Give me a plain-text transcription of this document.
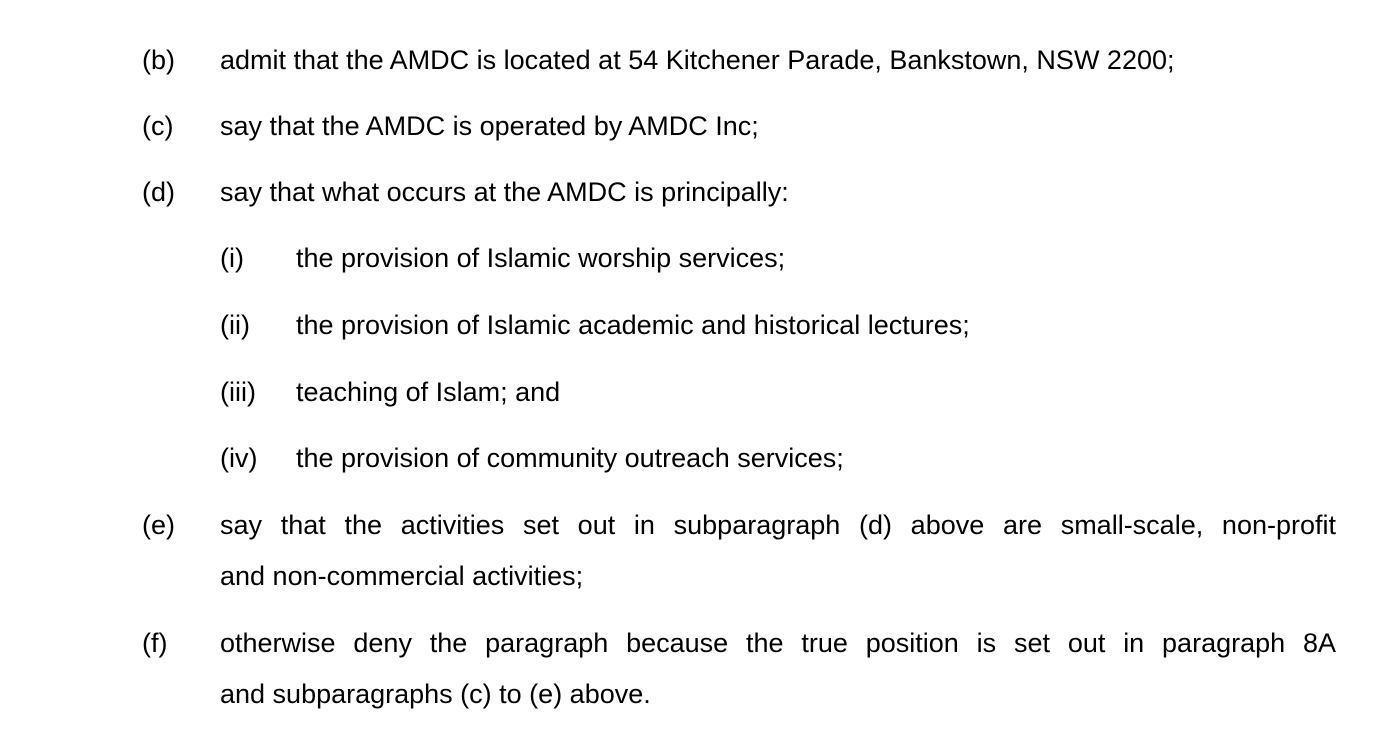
(b) admit that the AMDC is located at 54 Kitchener Parade, Bankstown, NSW 2200;
(c) say that the AMDC is operated by AMDC Inc;
(d) say that what occurs at the AMDC is principally:
(i) the provision of Islamic worship services;
(ii) the provision of Islamic academic and historical lectures;
(iii) teaching of Islam; and
(iv) the provision of community outreach services;
(e) say that the activities set out in subparagraph (d) above are small-scale, non-profit
and non-commercial activities;
(f) otherwise deny the paragraph because the true position is set out in paragraph 8A
and subparagraphs (c) to (e) above.
